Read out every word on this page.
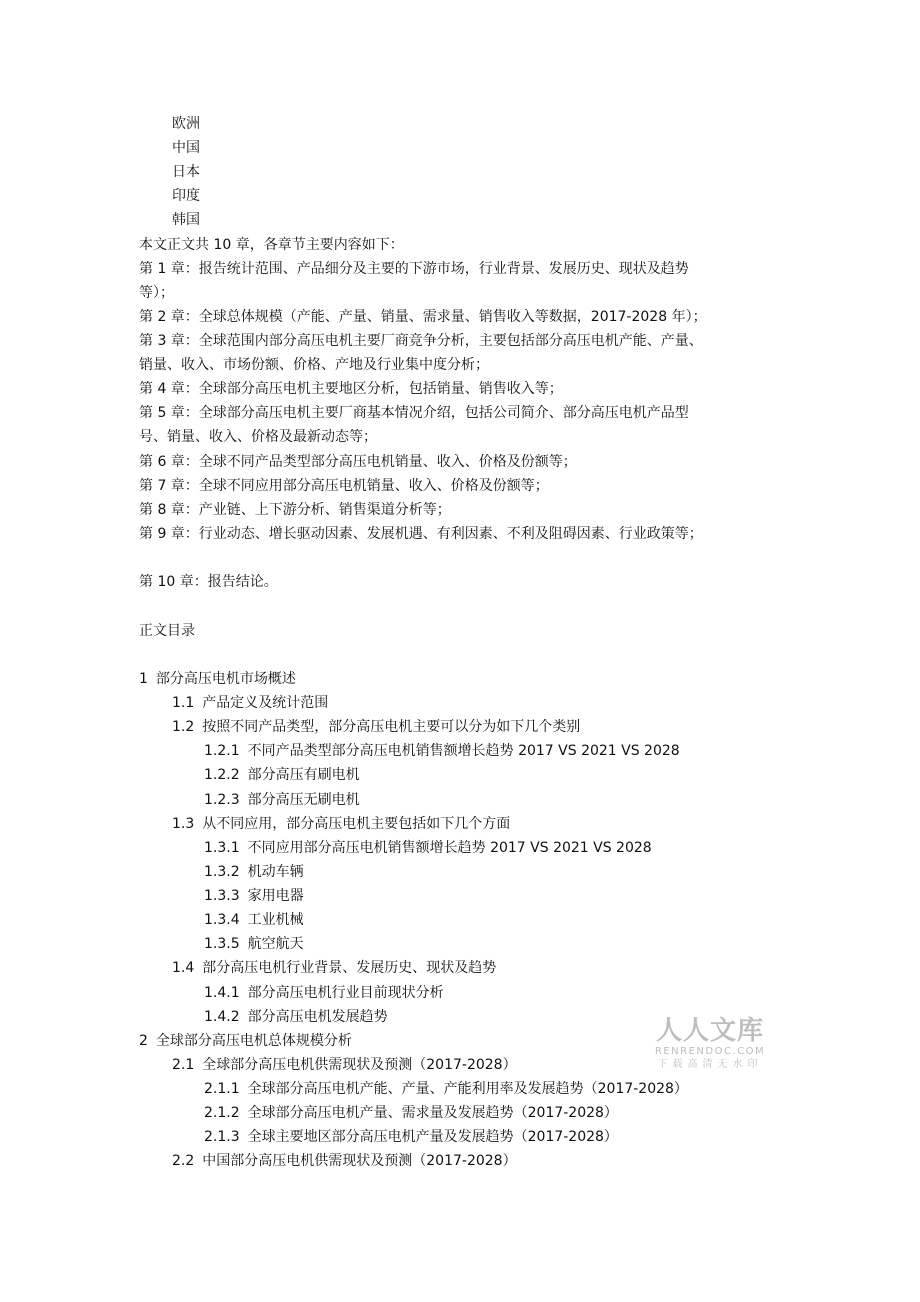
欧洲
中国
日本
印度
韩国
本文正文共 10 章，各章节主要内容如下：
第 1 章：报告统计范围、产品细分及主要的下游市场，行业背景、发展历史、现状及趋势
等）；
第 2 章：全球总体规模（产能、产量、销量、需求量、销售收入等数据，2017-2028 年）；
第 3 章：全球范围内部分高压电机主要厂商竞争分析，主要包括部分高压电机产能、产量、
销量、收入、市场份额、价格、产地及行业集中度分析；
第 4 章：全球部分高压电机主要地区分析，包括销量、销售收入等；
第 5 章：全球部分高压电机主要厂商基本情况介绍，包括公司简介、部分高压电机产品型
号、销量、收入、价格及最新动态等；
第 6 章：全球不同产品类型部分高压电机销量、收入、价格及份额等；
第 7 章：全球不同应用部分高压电机销量、收入、价格及份额等；
第 8 章：产业链、上下游分析、销售渠道分析等；
第 9 章：行业动态、增长驱动因素、发展机遇、有利因素、不利及阻碍因素、行业政策等；
第 10 章：报告结论。
正文目录
1 部分高压电机市场概述
1.1 产品定义及统计范围
1.2 按照不同产品类型，部分高压电机主要可以分为如下几个类别
1.2.1 不同产品类型部分高压电机销售额增长趋势 2017 VS 2021 VS 2028
1.2.2 部分高压有刷电机
1.2.3 部分高压无刷电机
1.3 从不同应用，部分高压电机主要包括如下几个方面
1.3.1 不同应用部分高压电机销售额增长趋势 2017 VS 2021 VS 2028
1.3.2 机动车辆
1.3.3 家用电器
1.3.4 工业机械
1.3.5 航空航天
1.4 部分高压电机行业背景、发展历史、现状及趋势
1.4.1 部分高压电机行业目前现状分析
1.4.2 部分高压电机发展趋势
2 全球部分高压电机总体规模分析
2.1 全球部分高压电机供需现状及预测（2017-2028）
2.1.1 全球部分高压电机产能、产量、产能利用率及发展趋势（2017-2028）
2.1.2 全球部分高压电机产量、需求量及发展趋势（2017-2028）
2.1.3 全球主要地区部分高压电机产量及发展趋势（2017-2028）
2.2 中国部分高压电机供需现状及预测（2017-2028）
人人文库
RENRENDOC.COM
下载高清无水印
